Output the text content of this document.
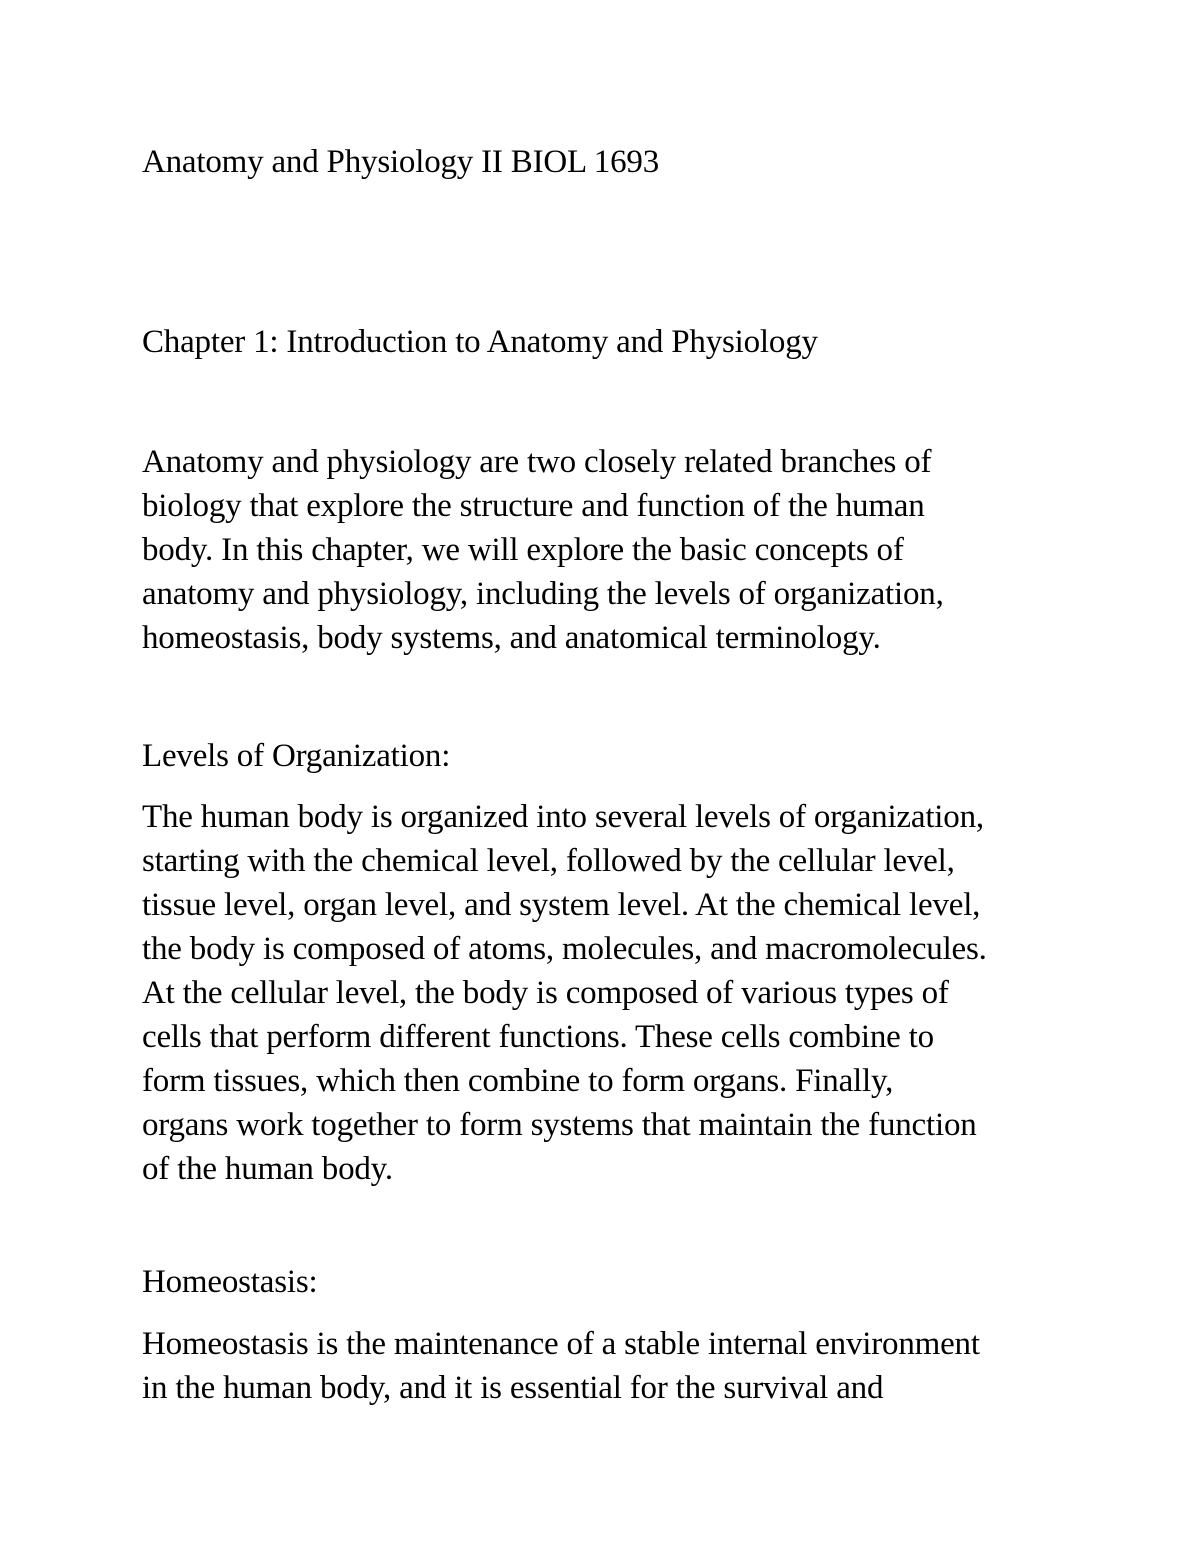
Anatomy and Physiology II BIOL 1693

Chapter 1: Introduction to Anatomy and Physiology

Anatomy and physiology are two closely related branches of
biology that explore the structure and function of the human
body. In this chapter, we will explore the basic concepts of
anatomy and physiology, including the levels of organization,
homeostasis, body systems, and anatomical terminology.

Levels of Organization:

The human body is organized into several levels of organization,
starting with the chemical level, followed by the cellular level,
tissue level, organ level, and system level. At the chemical level,
the body is composed of atoms, molecules, and macromolecules.
At the cellular level, the body is composed of various types of
cells that perform different functions. These cells combine to
form tissues, which then combine to form organs. Finally,
organs work together to form systems that maintain the function
of the human body.

Homeostasis:

Homeostasis is the maintenance of a stable internal environment
in the human body, and it is essential for the survival and
